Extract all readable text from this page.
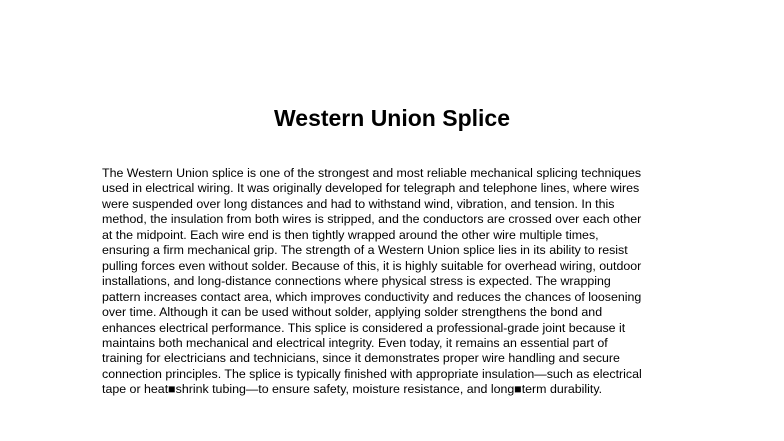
Western Union Splice
The Western Union splice is one of the strongest and most reliable mechanical splicing techniques
used in electrical wiring. It was originally developed for telegraph and telephone lines, where wires
were suspended over long distances and had to withstand wind, vibration, and tension. In this
method, the insulation from both wires is stripped, and the conductors are crossed over each other
at the midpoint. Each wire end is then tightly wrapped around the other wire multiple times,
ensuring a firm mechanical grip. The strength of a Western Union splice lies in its ability to resist
pulling forces even without solder. Because of this, it is highly suitable for overhead wiring, outdoor
installations, and long-distance connections where physical stress is expected. The wrapping
pattern increases contact area, which improves conductivity and reduces the chances of loosening
over time. Although it can be used without solder, applying solder strengthens the bond and
enhances electrical performance. This splice is considered a professional-grade joint because it
maintains both mechanical and electrical integrity. Even today, it remains an essential part of
training for electricians and technicians, since it demonstrates proper wire handling and secure
connection principles. The splice is typically finished with appropriate insulation—such as electrical
tape or heat■shrink tubing—to ensure safety, moisture resistance, and long■term durability.
